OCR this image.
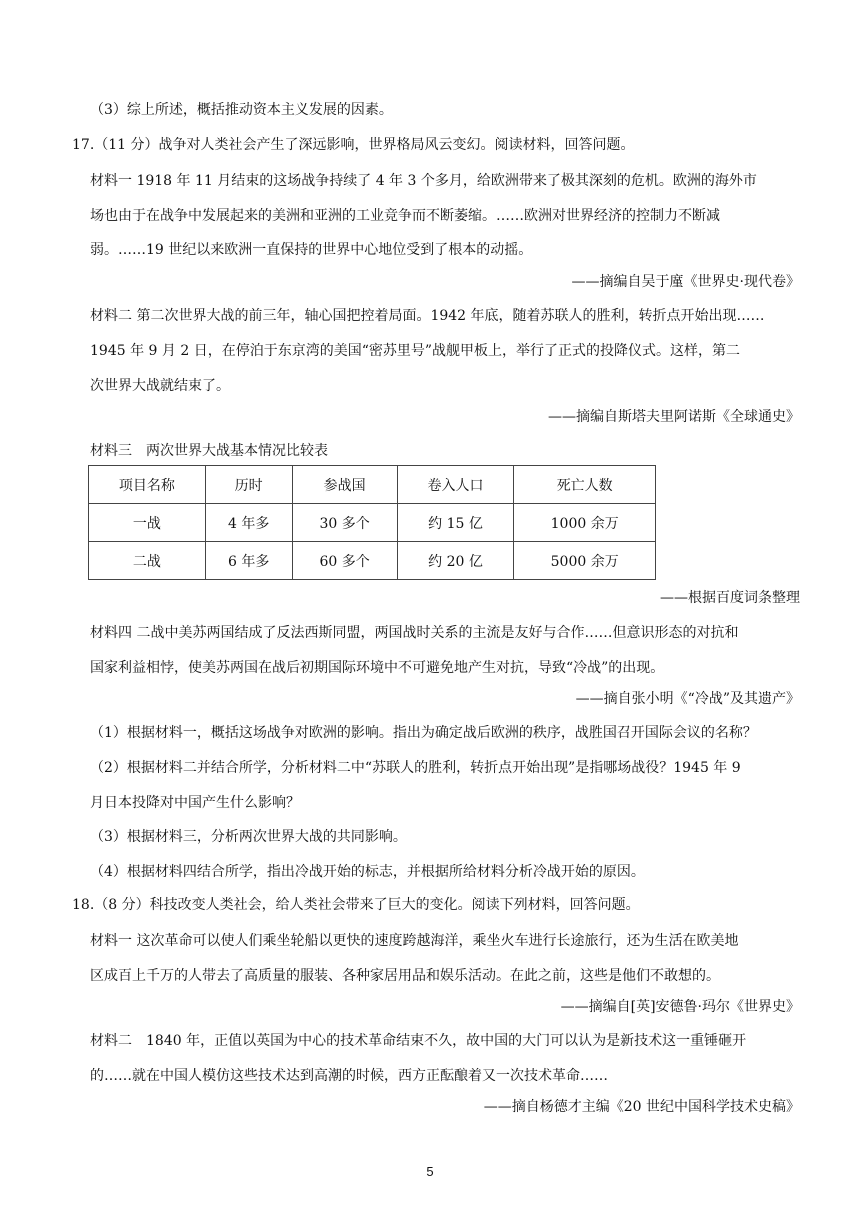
（3）综上所述，概括推动资本主义发展的因素。
17.（11 分）战争对人类社会产生了深远影响，世界格局风云变幻。阅读材料，回答问题。
材料一 1918 年 11 月结束的这场战争持续了 4 年 3 个多月，给欧洲带来了极其深刻的危机。欧洲的海外市
场也由于在战争中发展起来的美洲和亚洲的工业竞争而不断萎缩。……欧洲对世界经济的控制力不断减
弱。……19 世纪以来欧洲一直保持的世界中心地位受到了根本的动摇。
——摘编自吴于廑《世界史·现代卷》
材料二 第二次世界大战的前三年，轴心国把控着局面。1942 年底，随着苏联人的胜利，转折点开始出现……
1945 年 9 月 2 日，在停泊于东京湾的美国“密苏里号”战舰甲板上，举行了正式的投降仪式。这样，第二
次世界大战就结束了。
——摘编自斯塔夫里阿诺斯《全球通史》
材料三　两次世界大战基本情况比较表
项目名称	历时	参战国	卷入人口	死亡人数
一战	4 年多	30 多个	约 15 亿	1000 余万
二战	6 年多	60 多个	约 20 亿	5000 余万
——根据百度词条整理
材料四 二战中美苏两国结成了反法西斯同盟，两国战时关系的主流是友好与合作……但意识形态的对抗和
国家利益相悖，使美苏两国在战后初期国际环境中不可避免地产生对抗，导致“冷战”的出现。
——摘自张小明《“冷战”及其遗产》
（1）根据材料一，概括这场战争对欧洲的影响。指出为确定战后欧洲的秩序，战胜国召开国际会议的名称？
（2）根据材料二并结合所学，分析材料二中“苏联人的胜利，转折点开始出现”是指哪场战役？1945 年 9
月日本投降对中国产生什么影响？
（3）根据材料三，分析两次世界大战的共同影响。
（4）根据材料四结合所学，指出冷战开始的标志，并根据所给材料分析冷战开始的原因。
18.（8 分）科技改变人类社会，给人类社会带来了巨大的变化。阅读下列材料，回答问题。
材料一 这次革命可以使人们乘坐轮船以更快的速度跨越海洋，乘坐火车进行长途旅行，还为生活在欧美地
区成百上千万的人带去了高质量的服装、各种家居用品和娱乐活动。在此之前，这些是他们不敢想的。
——摘编自[英]安德鲁·玛尔《世界史》
材料二　1840 年，正值以英国为中心的技术革命结束不久，故中国的大门可以认为是新技术这一重锤砸开
的……就在中国人模仿这些技术达到高潮的时候，西方正酝酿着又一次技术革命……
——摘自杨德才主编《20 世纪中国科学技术史稿》
5
